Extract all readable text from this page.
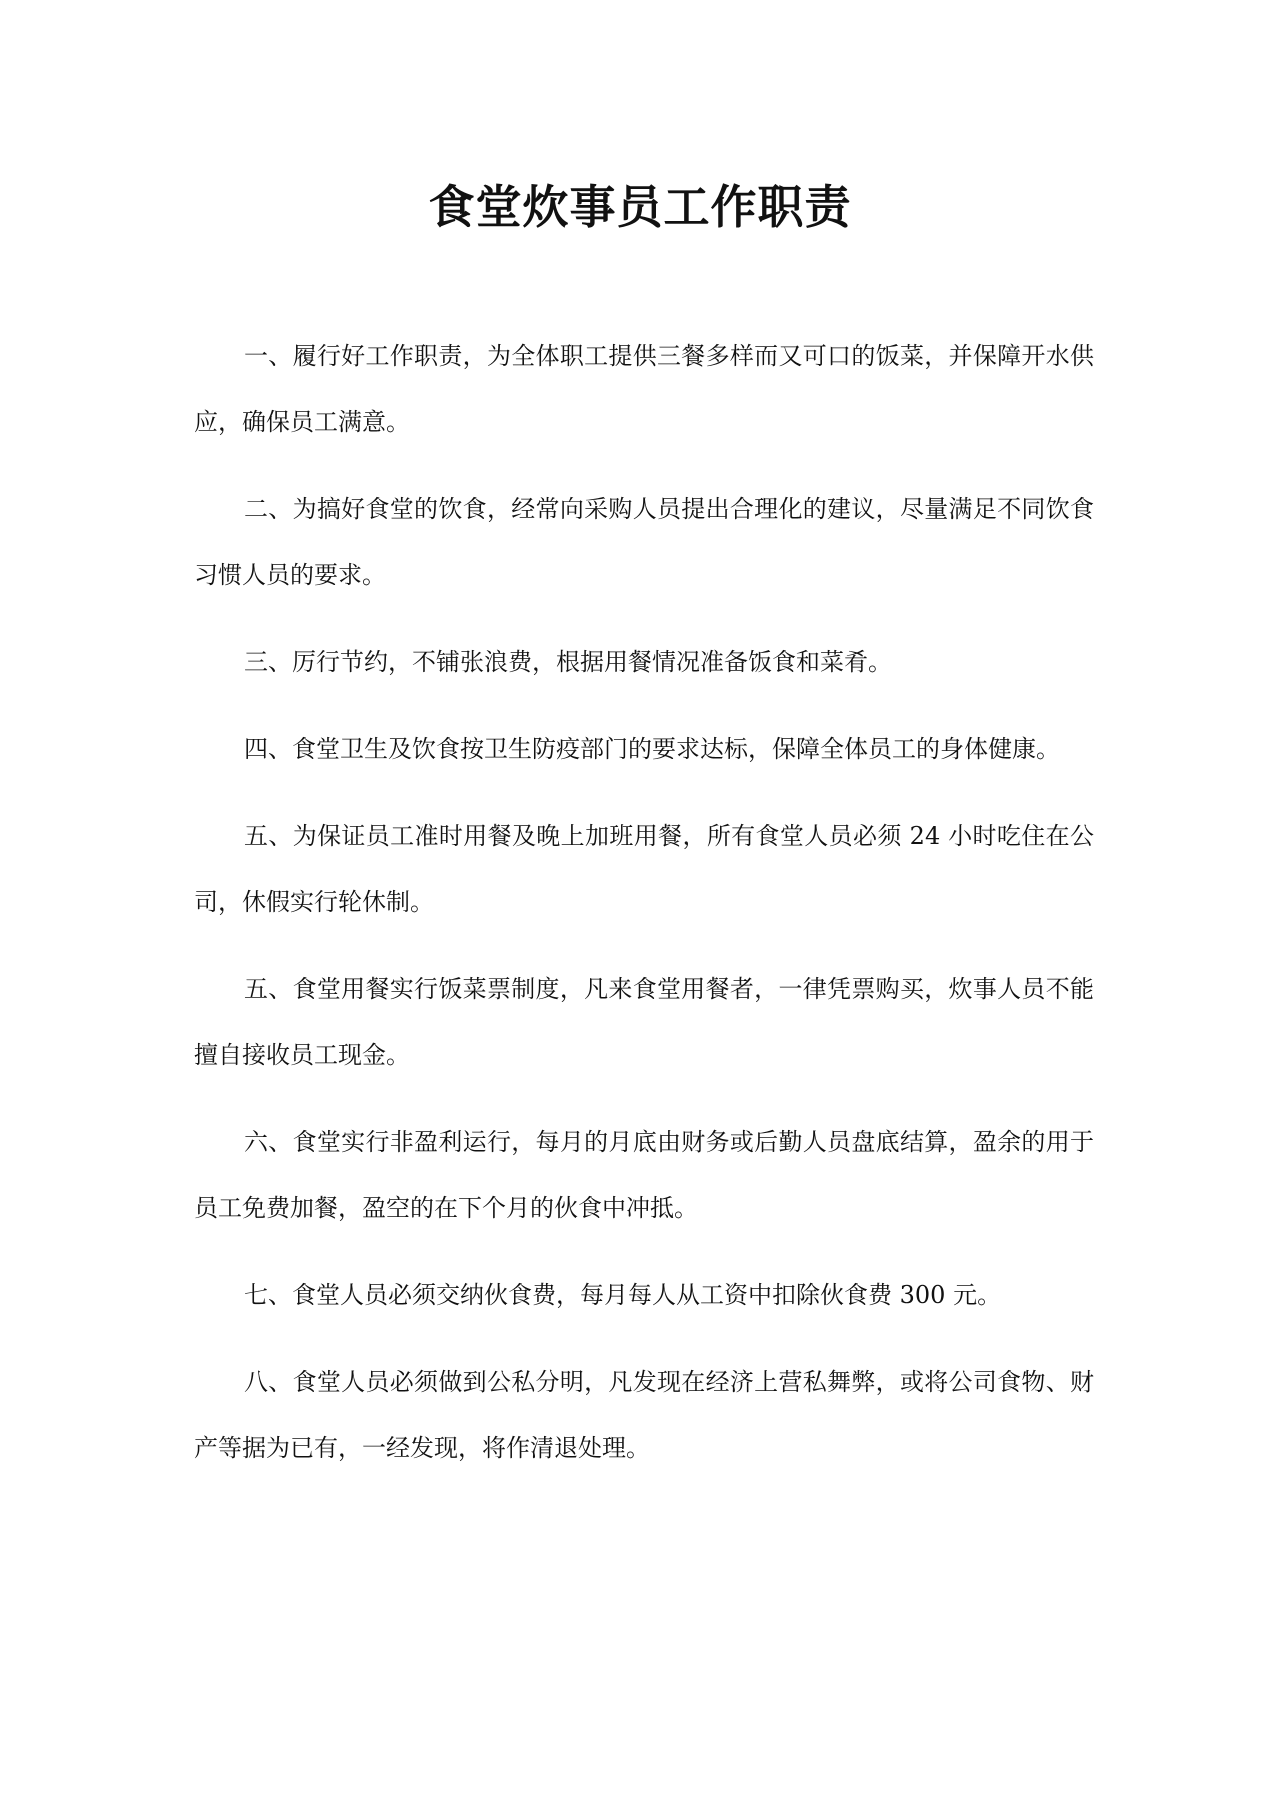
食堂炊事员工作职责

一、履行好工作职责，为全体职工提供三餐多样而又可口的饭菜，并保障开水供应，确保员工满意。

二、为搞好食堂的饮食，经常向采购人员提出合理化的建议，尽量满足不同饮食习惯人员的要求。

三、厉行节约，不铺张浪费，根据用餐情况准备饭食和菜肴。

四、食堂卫生及饮食按卫生防疫部门的要求达标，保障全体员工的身体健康。

五、为保证员工准时用餐及晚上加班用餐，所有食堂人员必须 24 小时吃住在公司，休假实行轮休制。

五、食堂用餐实行饭菜票制度，凡来食堂用餐者，一律凭票购买，炊事人员不能擅自接收员工现金。

六、食堂实行非盈利运行，每月的月底由财务或后勤人员盘底结算，盈余的用于员工免费加餐，盈空的在下个月的伙食中冲抵。

七、食堂人员必须交纳伙食费，每月每人从工资中扣除伙食费 300 元。

八、食堂人员必须做到公私分明，凡发现在经济上营私舞弊，或将公司食物、财产等据为已有，一经发现，将作清退处理。
